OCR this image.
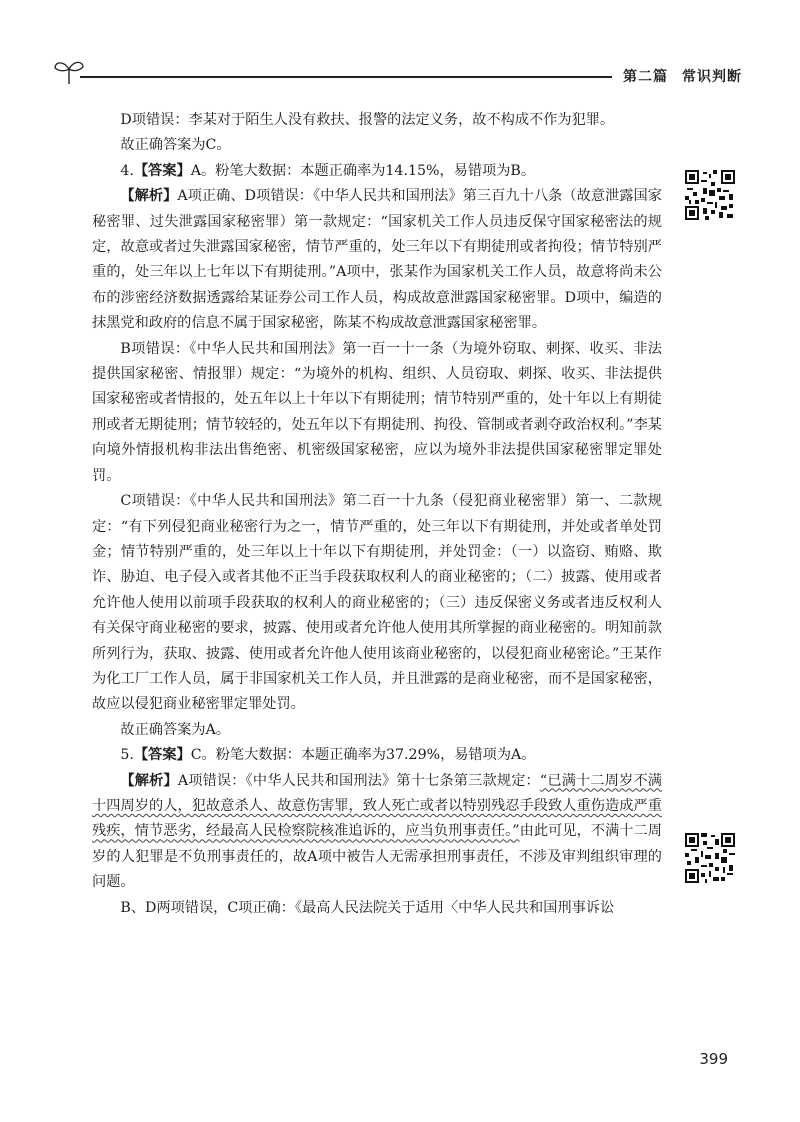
第二篇 常识判断

D项错误：李某对于陌生人没有救扶、报警的法定义务，故不构成不作为犯罪。

故正确答案为C。

4.【答案】A。粉笔大数据：本题正确率为14.15%，易错项为B。

【解析】A项正确、D项错误：《中华人民共和国刑法》第三百九十八条（故意泄露国家秘密罪、过失泄露国家秘密罪）第一款规定：“国家机关工作人员违反保守国家秘密法的规定，故意或者过失泄露国家秘密，情节严重的，处三年以下有期徒刑或者拘役；情节特别严重的，处三年以上七年以下有期徒刑。”A项中，张某作为国家机关工作人员，故意将尚未公布的涉密经济数据透露给某证券公司工作人员，构成故意泄露国家秘密罪。D项中，编造的抹黑党和政府的信息不属于国家秘密，陈某不构成故意泄露国家秘密罪。

B项错误：《中华人民共和国刑法》第一百一十一条（为境外窃取、刺探、收买、非法提供国家秘密、情报罪）规定：“为境外的机构、组织、人员窃取、刺探、收买、非法提供国家秘密或者情报的，处五年以上十年以下有期徒刑；情节特别严重的，处十年以上有期徒刑或者无期徒刑；情节较轻的，处五年以下有期徒刑、拘役、管制或者剥夺政治权利。”李某向境外情报机构非法出售绝密、机密级国家秘密，应以为境外非法提供国家秘密罪定罪处罚。

C项错误：《中华人民共和国刑法》第二百一十九条（侵犯商业秘密罪）第一、二款规定：“有下列侵犯商业秘密行为之一，情节严重的，处三年以下有期徒刑，并处或者单处罚金；情节特别严重的，处三年以上十年以下有期徒刑，并处罚金：（一）以盗窃、贿赂、欺诈、胁迫、电子侵入或者其他不正当手段获取权利人的商业秘密的；（二）披露、使用或者允许他人使用以前项手段获取的权利人的商业秘密的；（三）违反保密义务或者违反权利人有关保守商业秘密的要求，披露、使用或者允许他人使用其所掌握的商业秘密的。明知前款所列行为，获取、披露、使用或者允许他人使用该商业秘密的，以侵犯商业秘密论。”王某作为化工厂工作人员，属于非国家机关工作人员，并且泄露的是商业秘密，而不是国家秘密，故应以侵犯商业秘密罪定罪处罚。

故正确答案为A。

5.【答案】C。粉笔大数据：本题正确率为37.29%，易错项为A。

【解析】A项错误：《中华人民共和国刑法》第十七条第三款规定：“已满十二周岁不满十四周岁的人，犯故意杀人、故意伤害罪，致人死亡或者以特别残忍手段致人重伤造成严重残疾，情节恶劣，经最高人民检察院核准追诉的，应当负刑事责任。”由此可见，不满十二周岁的人犯罪是不负刑事责任的，故A项中被告人无需承担刑事责任，不涉及审判组织审理的问题。

B、D两项错误，C项正确：《最高人民法院关于适用〈中华人民共和国刑事诉讼

399
